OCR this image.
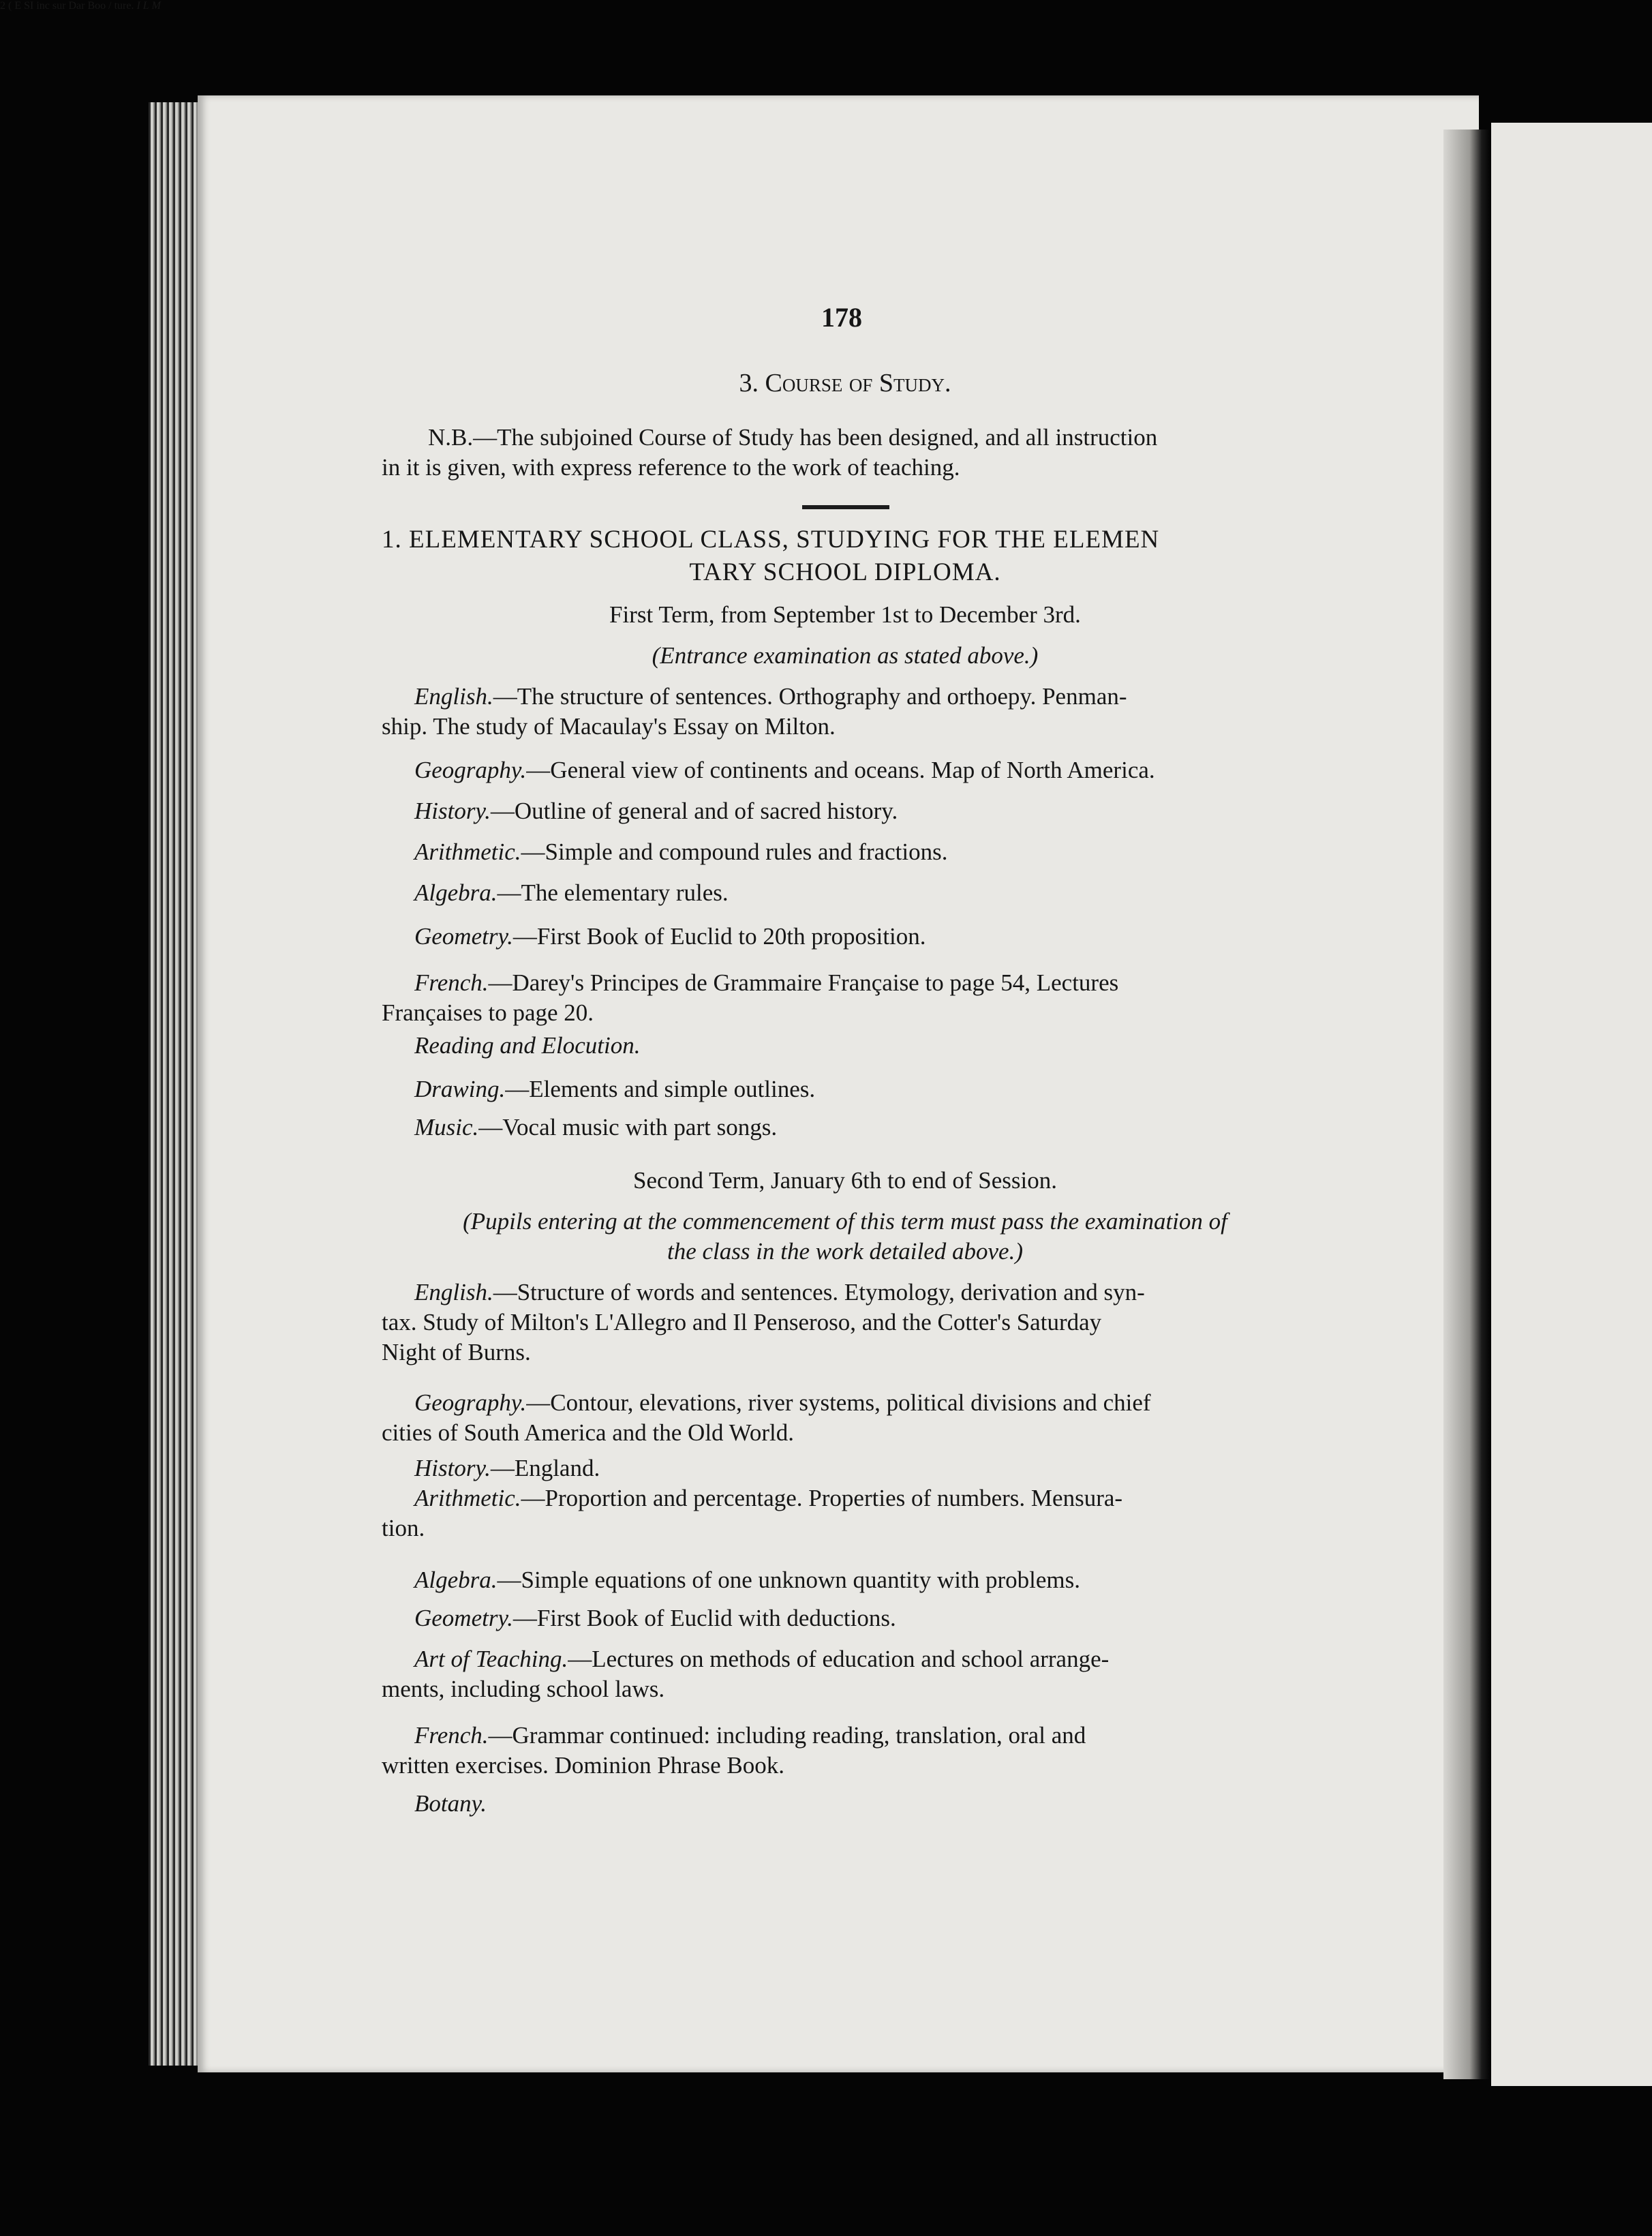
2 ( E SI inc sur Dar Boo / ture. I L M
178
3. Course of Study.
N.B.—The subjoined Course of Study has been designed, and all instruction
in it is given, with express reference to the work of teaching.
1. ELEMENTARY SCHOOL CLASS, STUDYING FOR THE ELEMEN
TARY SCHOOL DIPLOMA.
First Term, from September 1st to December 3rd.
(Entrance examination as stated above.)
English.—The structure of sentences. Orthography and orthoepy. Penman-
ship. The study of Macaulay's Essay on Milton.
Geography.—General view of continents and oceans. Map of North America.
History.—Outline of general and of sacred history.
Arithmetic.—Simple and compound rules and fractions.
Algebra.—The elementary rules.
Geometry.—First Book of Euclid to 20th proposition.
French.—Darey's Principes de Grammaire Française to page 54, Lectures
Françaises to page 20.
Reading and Elocution.
Drawing.—Elements and simple outlines.
Music.—Vocal music with part songs.
Second Term, January 6th to end of Session.
(Pupils entering at the commencement of this term must pass the examination of
the class in the work detailed above.)
English.—Structure of words and sentences. Etymology, derivation and syn-
tax. Study of Milton's L'Allegro and Il Penseroso, and the Cotter's Saturday
Night of Burns.
Geography.—Contour, elevations, river systems, political divisions and chief
cities of South America and the Old World.
History.—England.
Arithmetic.—Proportion and percentage. Properties of numbers. Mensura-
tion.
Algebra.—Simple equations of one unknown quantity with problems.
Geometry.—First Book of Euclid with deductions.
Art of Teaching.—Lectures on methods of education and school arrange-
ments, including school laws.
French.—Grammar continued: including reading, translation, oral and
written exercises. Dominion Phrase Book.
Botany.
